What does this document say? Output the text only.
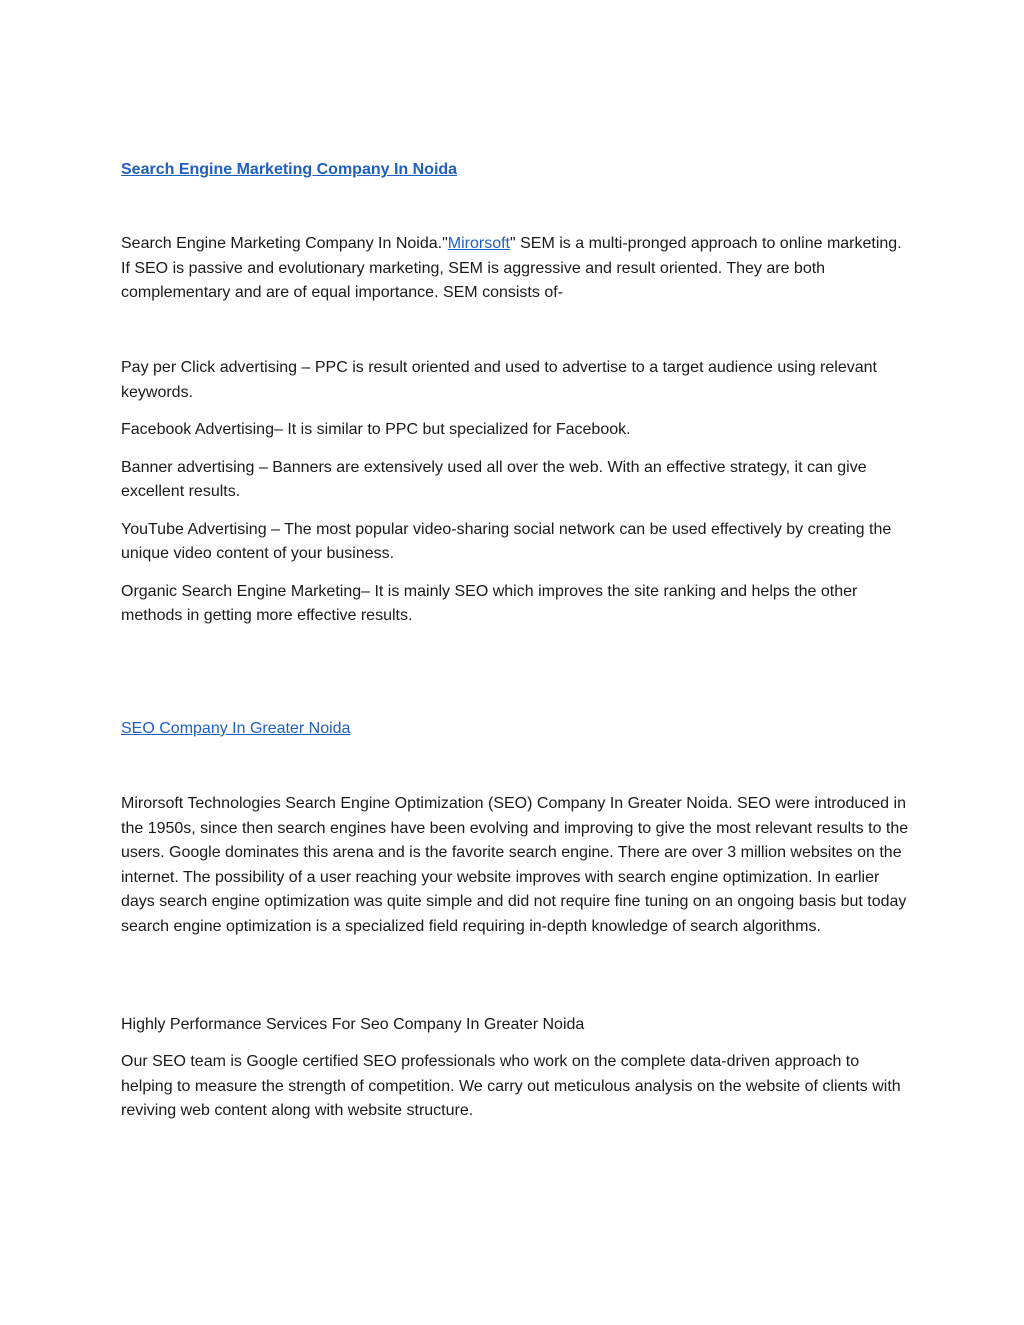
Search Engine Marketing Company In Noida

Search Engine Marketing Company In Noida."Mirorsoft" SEM is a multi-pronged approach to online marketing. If SEO is passive and evolutionary marketing, SEM is aggressive and result oriented. They are both complementary and are of equal importance. SEM consists of-

Pay per Click advertising – PPC is result oriented and used to advertise to a target audience using relevant keywords.

Facebook Advertising– It is similar to PPC but specialized for Facebook.

Banner advertising – Banners are extensively used all over the web. With an effective strategy, it can give excellent results.

YouTube Advertising – The most popular video-sharing social network can be used effectively by creating the unique video content of your business.

Organic Search Engine Marketing– It is mainly SEO which improves the site ranking and helps the other methods in getting more effective results.

SEO Company In Greater Noida

Mirorsoft Technologies Search Engine Optimization (SEO) Company In Greater Noida. SEO were introduced in the 1950s, since then search engines have been evolving and improving to give the most relevant results to the users. Google dominates this arena and is the favorite search engine. There are over 3 million websites on the internet. The possibility of a user reaching your website improves with search engine optimization. In earlier days search engine optimization was quite simple and did not require fine tuning on an ongoing basis but today search engine optimization is a specialized field requiring in-depth knowledge of search algorithms.

Highly Performance Services For Seo Company In Greater Noida

Our SEO team is Google certified SEO professionals who work on the complete data-driven approach to helping to measure the strength of competition. We carry out meticulous analysis on the website of clients with reviving web content along with website structure.
